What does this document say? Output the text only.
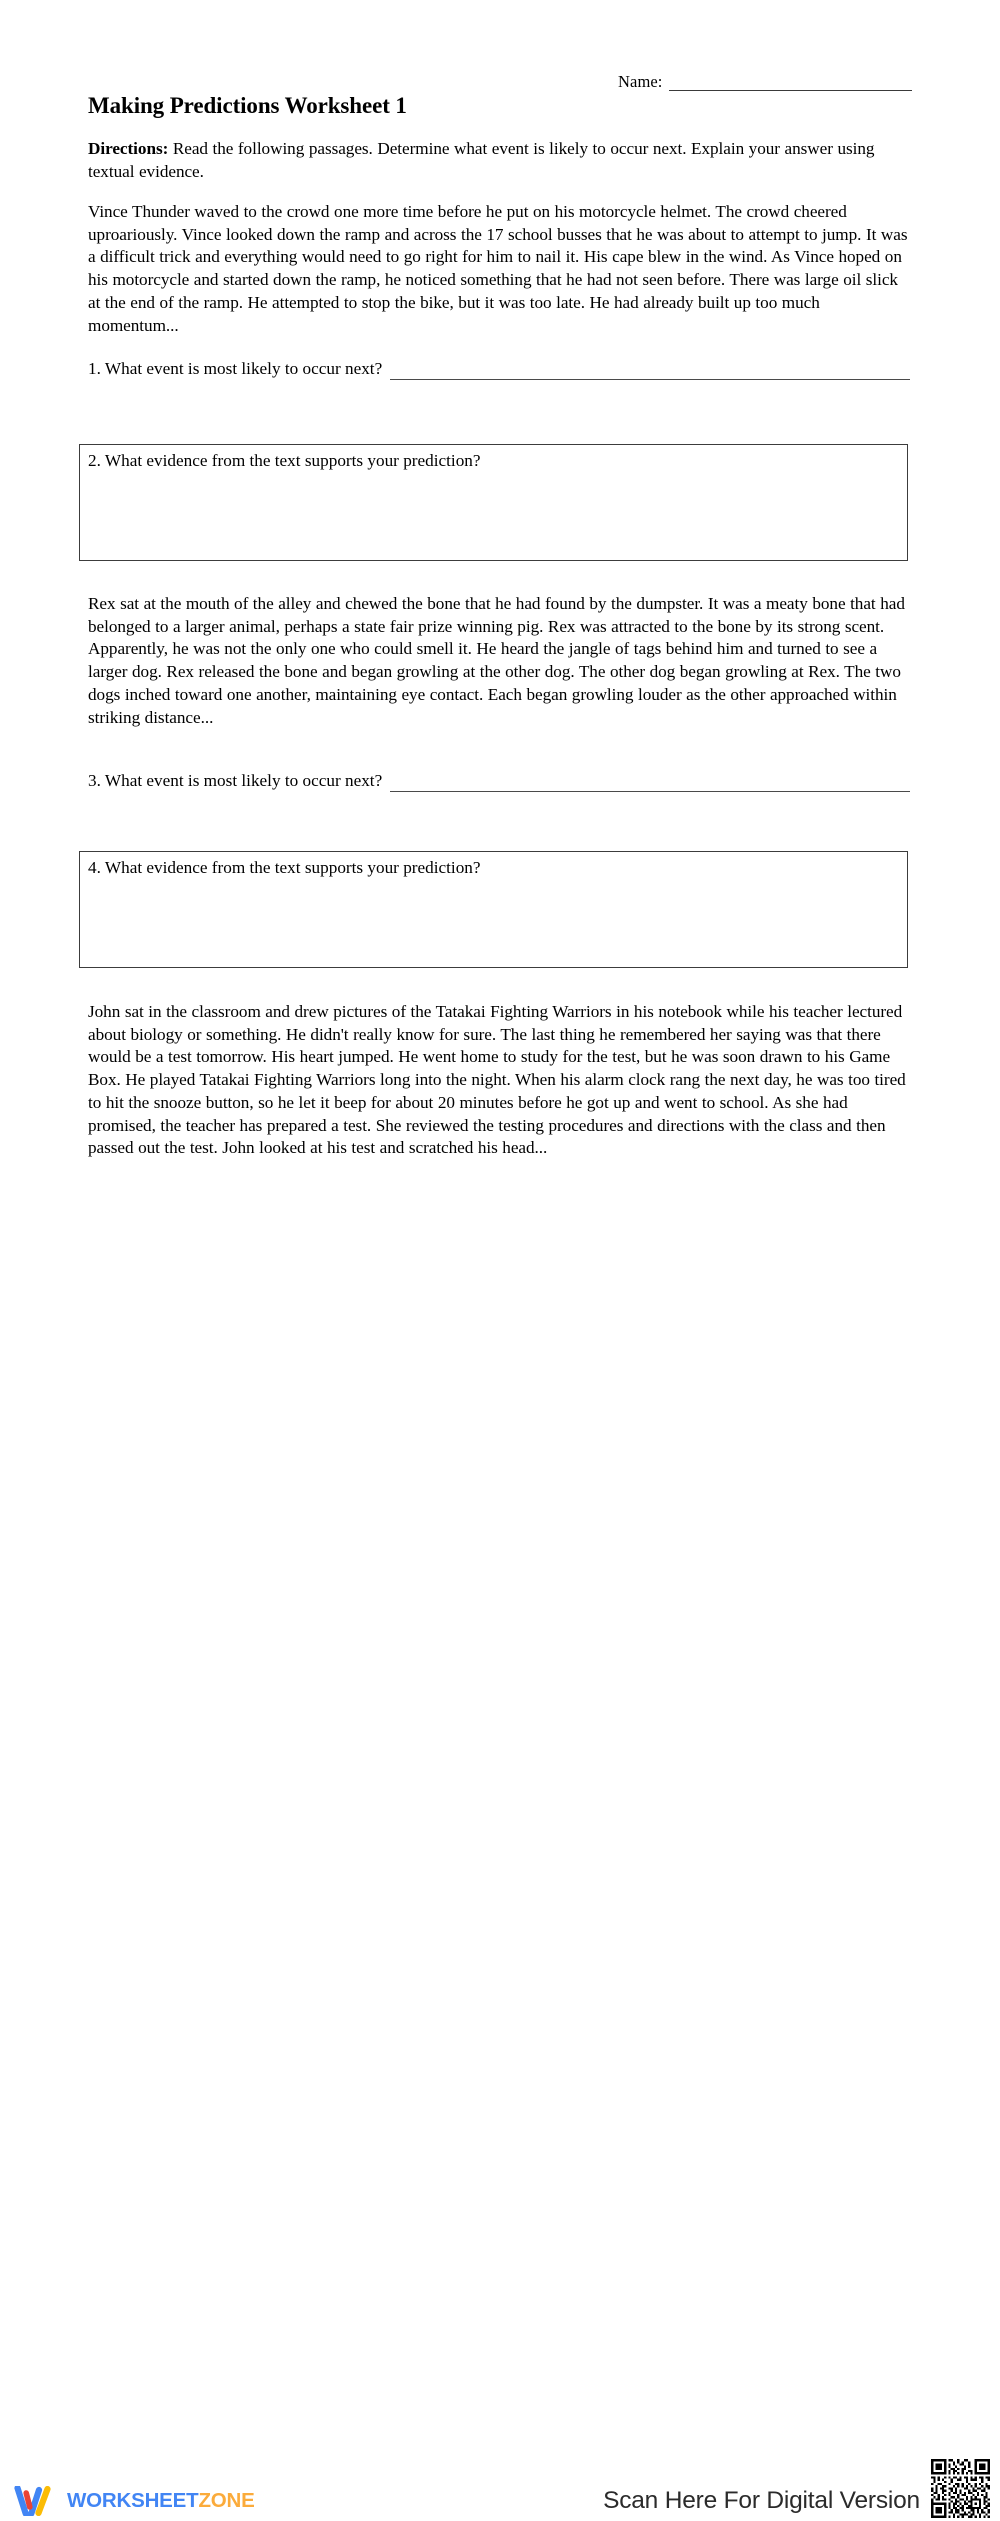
Name:
Making Predictions Worksheet 1
Directions: Read the following passages. Determine what event is likely to occur next. Explain your answer using textual evidence.
Vince Thunder waved to the crowd one more time before he put on his motorcycle helmet. The crowd cheered uproariously. Vince looked down the ramp and across the 17 school busses that he was about to attempt to jump. It was a difficult trick and everything would need to go right for him to nail it. His cape blew in the wind. As Vince hoped on his motorcycle and started down the ramp, he noticed something that he had not seen before. There was large oil slick at the end of the ramp. He attempted to stop the bike, but it was too late. He had already built up too much momentum...
1. What event is most likely to occur next?
2. What evidence from the text supports your prediction?
Rex sat at the mouth of the alley and chewed the bone that he had found by the dumpster. It was a meaty bone that had belonged to a larger animal, perhaps a state fair prize winning pig. Rex was attracted to the bone by its strong scent. Apparently, he was not the only one who could smell it. He heard the jangle of tags behind him and turned to see a larger dog. Rex released the bone and began growling at the other dog. The other dog began growling at Rex. The two dogs inched toward one another, maintaining eye contact. Each began growling louder as the other approached within striking distance...
3. What event is most likely to occur next?
4. What evidence from the text supports your prediction?
John sat in the classroom and drew pictures of the Tatakai Fighting Warriors in his notebook while his teacher lectured about biology or something. He didn't really know for sure. The last thing he remembered her saying was that there would be a test tomorrow. His heart jumped. He went home to study for the test, but he was soon drawn to his Game Box. He played Tatakai Fighting Warriors long into the night. When his alarm clock rang the next day, he was too tired to hit the snooze button, so he let it beep for about 20 minutes before he got up and went to school. As she had promised, the teacher has prepared a test. She reviewed the testing procedures and directions with the class and then passed out the test. John looked at his test and scratched his head...
WORKSHEETZONE	Scan Here For Digital Version
